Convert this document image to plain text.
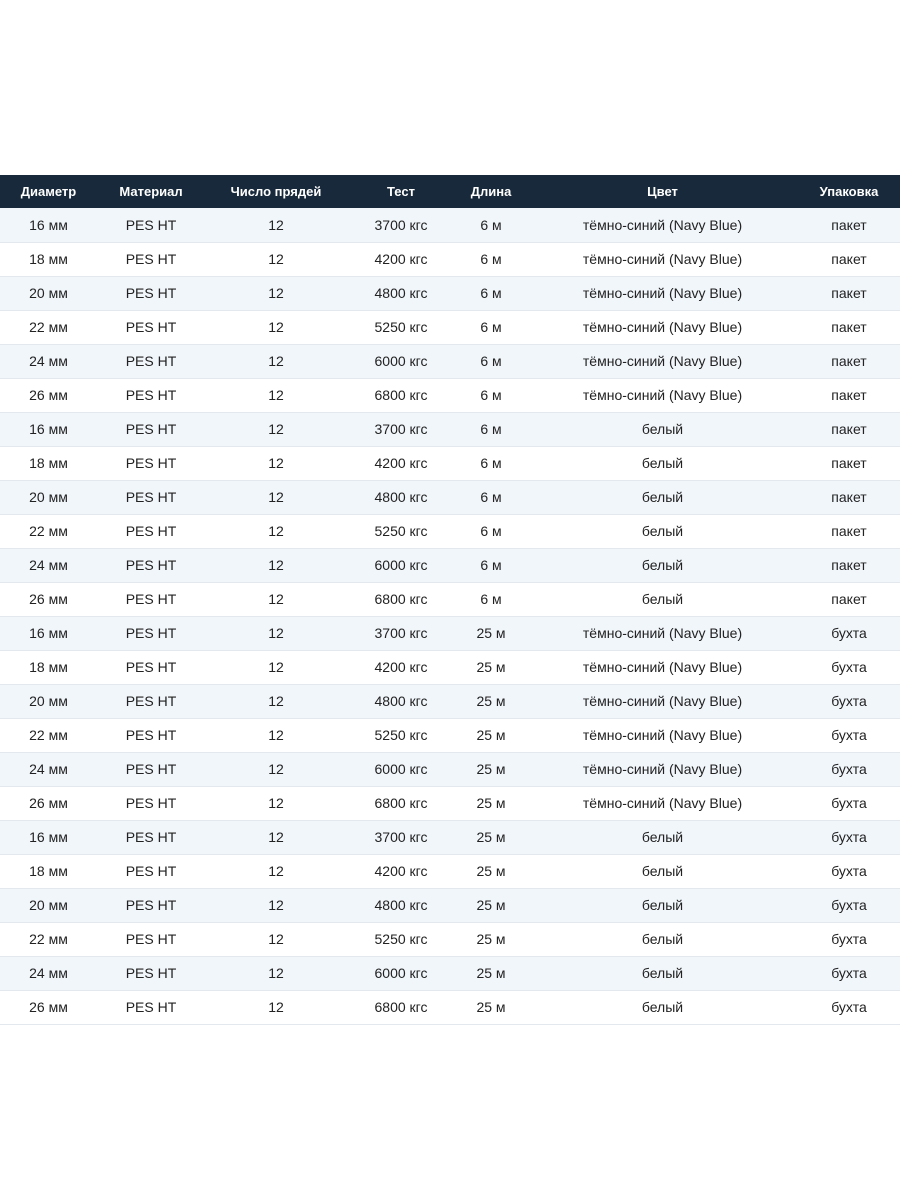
Диаметр	Материал	Число прядей	Тест	Длина	Цвет	Упаковка
16 мм	PES HT	12	3700 кгс	6 м	тёмно-синий (Navy Blue)	пакет
18 мм	PES HT	12	4200 кгс	6 м	тёмно-синий (Navy Blue)	пакет
20 мм	PES HT	12	4800 кгс	6 м	тёмно-синий (Navy Blue)	пакет
22 мм	PES HT	12	5250 кгс	6 м	тёмно-синий (Navy Blue)	пакет
24 мм	PES HT	12	6000 кгс	6 м	тёмно-синий (Navy Blue)	пакет
26 мм	PES HT	12	6800 кгс	6 м	тёмно-синий (Navy Blue)	пакет
16 мм	PES HT	12	3700 кгс	6 м	белый	пакет
18 мм	PES HT	12	4200 кгс	6 м	белый	пакет
20 мм	PES HT	12	4800 кгс	6 м	белый	пакет
22 мм	PES HT	12	5250 кгс	6 м	белый	пакет
24 мм	PES HT	12	6000 кгс	6 м	белый	пакет
26 мм	PES HT	12	6800 кгс	6 м	белый	пакет
16 мм	PES HT	12	3700 кгс	25 м	тёмно-синий (Navy Blue)	бухта
18 мм	PES HT	12	4200 кгс	25 м	тёмно-синий (Navy Blue)	бухта
20 мм	PES HT	12	4800 кгс	25 м	тёмно-синий (Navy Blue)	бухта
22 мм	PES HT	12	5250 кгс	25 м	тёмно-синий (Navy Blue)	бухта
24 мм	PES HT	12	6000 кгс	25 м	тёмно-синий (Navy Blue)	бухта
26 мм	PES HT	12	6800 кгс	25 м	тёмно-синий (Navy Blue)	бухта
16 мм	PES HT	12	3700 кгс	25 м	белый	бухта
18 мм	PES HT	12	4200 кгс	25 м	белый	бухта
20 мм	PES HT	12	4800 кгс	25 м	белый	бухта
22 мм	PES HT	12	5250 кгс	25 м	белый	бухта
24 мм	PES HT	12	6000 кгс	25 м	белый	бухта
26 мм	PES HT	12	6800 кгс	25 м	белый	бухта
